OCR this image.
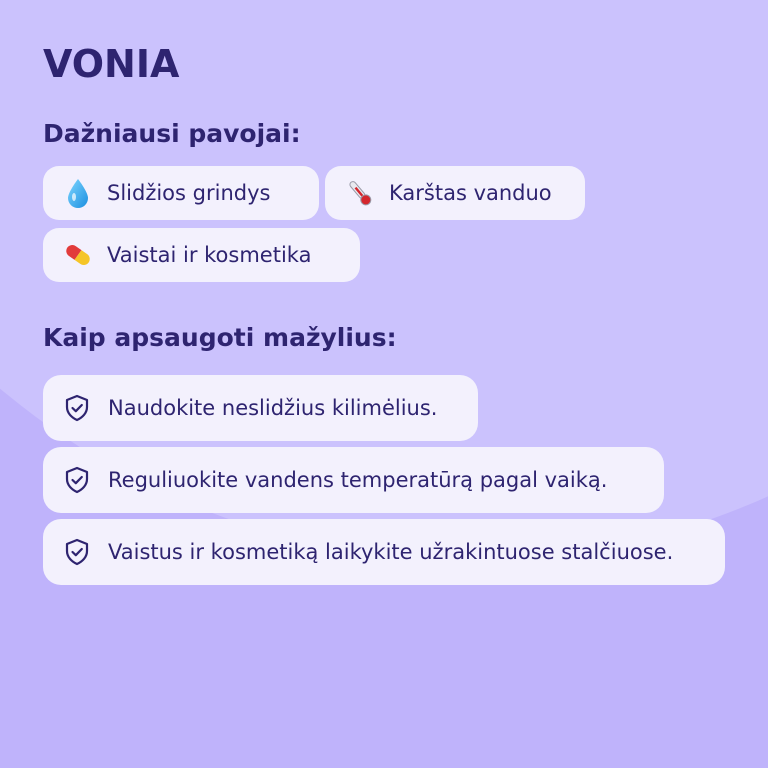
VONIA
Dažniausi pavojai:
Slidžios grindys	Karštas vanduo
Vaistai ir kosmetika
Kaip apsaugoti mažylius:
Naudokite neslidžius kilimėlius.
Reguliuokite vandens temperatūrą pagal vaiką.
Vaistus ir kosmetiką laikykite užrakintuose stalčiuose.
